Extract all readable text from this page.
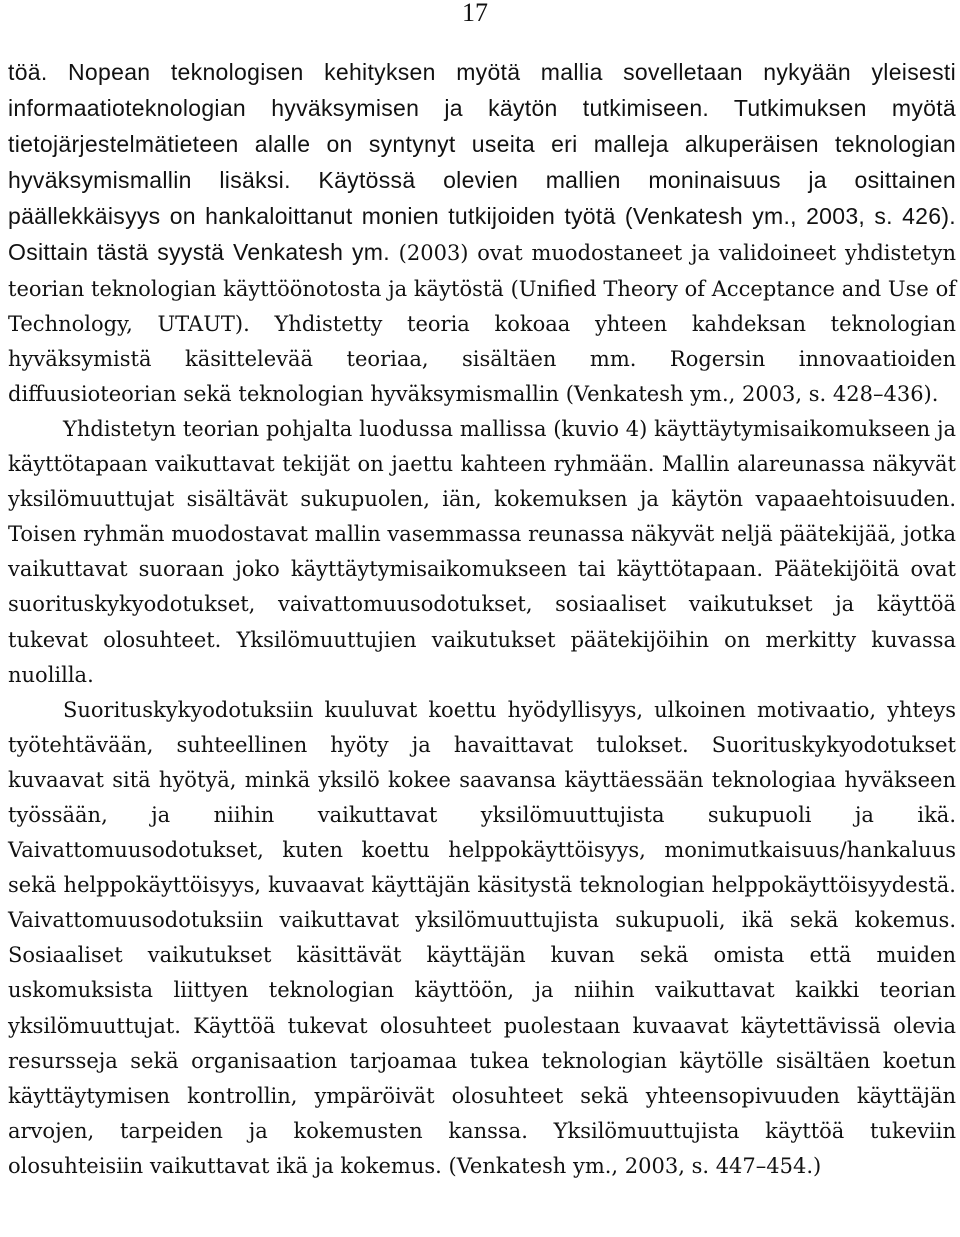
17

töä. Nopean teknologisen kehityksen myötä mallia sovelletaan nykyään yleisesti informaatioteknologian hyväksymisen ja käytön tutkimiseen. Tutkimuksen myötä tietojärjestelmätieteen alalle on syntynyt useita eri malleja alkuperäisen teknologian hyväksymismallin lisäksi. Käytössä olevien mallien moninaisuus ja osittainen päällekkäisyys on hankaloittanut monien tutkijoiden työtä (Venkatesh ym., 2003, s. 426). Osittain tästä syystä Venkatesh ym. (2003) ovat muodostaneet ja validoineet yhdistetyn teorian teknologian käyttöönotosta ja käytöstä (Unified Theory of Acceptance and Use of Technology, UTAUT). Yhdistetty teoria kokoaa yhteen kahdeksan teknologian hyväksymistä käsittelevää teoriaa, sisältäen mm. Rogersin innovaatioiden diffuusioteorian sekä teknologian hyväksymismallin (Venkatesh ym., 2003, s. 428–436).

Yhdistetyn teorian pohjalta luodussa mallissa (kuvio 4) käyttäytymisaikomukseen ja käyttötapaan vaikuttavat tekijät on jaettu kahteen ryhmään. Mallin alareunassa näkyvät yksilömuuttujat sisältävät sukupuolen, iän, kokemuksen ja käytön vapaaehtoisuuden. Toisen ryhmän muodostavat mallin vasemmassa reunassa näkyvät neljä päätekijää, jotka vaikuttavat suoraan joko käyttäytymisaikomukseen tai käyttötapaan. Päätekijöitä ovat suorituskykyodotukset, vaivattomuusodotukset, sosiaaliset vaikutukset ja käyttöä tukevat olosuhteet. Yksilömuuttujien vaikutukset päätekijöihin on merkitty kuvassa nuolilla.

Suorituskykyodotuksiin kuuluvat koettu hyödyllisyys, ulkoinen motivaatio, yhteys työtehtävään, suhteellinen hyöty ja havaittavat tulokset. Suorituskykyodotukset kuvaavat sitä hyötyä, minkä yksilö kokee saavansa käyttäessään teknologiaa hyväkseen työssään, ja niihin vaikuttavat yksilömuuttujista sukupuoli ja ikä. Vaivattomuusodotukset, kuten koettu helppokäyttöisyys, monimutkaisuus/hankaluus sekä helppokäyttöisyys, kuvaavat käyttäjän käsitystä teknologian helppokäyttöisyydestä. Vaivattomuusodotuksiin vaikuttavat yksilömuuttujista sukupuoli, ikä sekä kokemus. Sosiaaliset vaikutukset käsittävät käyttäjän kuvan sekä omista että muiden uskomuksista liittyen teknologian käyttöön, ja niihin vaikuttavat kaikki teorian yksilömuuttujat. Käyttöä tukevat olosuhteet puolestaan kuvaavat käytettävissä olevia resursseja sekä organisaation tarjoamaa tukea teknologian käytölle sisältäen koetun käyttäytymisen kontrollin, ympäröivät olosuhteet sekä yhteensopivuuden käyttäjän arvojen, tarpeiden ja kokemusten kanssa. Yksilömuuttujista käyttöä tukeviin olosuhteisiin vaikuttavat ikä ja kokemus. (Venkatesh ym., 2003, s. 447–454.)
